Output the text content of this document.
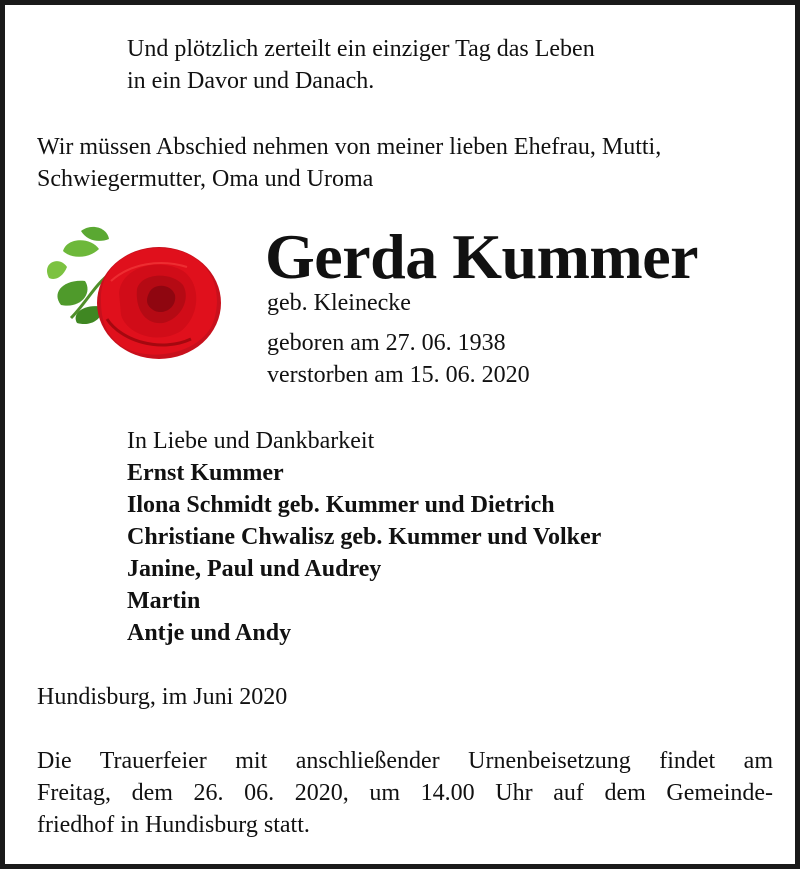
Und plötzlich zerteilt ein einziger Tag das Leben
in ein Davor und Danach.
Wir müssen Abschied nehmen von meiner lieben Ehefrau, Mutti,
Schwiegermutter, Oma und Uroma
Gerda Kummer
geb. Kleinecke
geboren am 27. 06. 1938
verstorben am 15. 06. 2020
In Liebe und Dankbarkeit
Ernst Kummer
Ilona Schmidt geb. Kummer und Dietrich
Christiane Chwalisz geb. Kummer und Volker
Janine, Paul und Audrey
Martin
Antje und Andy
Hundisburg, im Juni 2020
Die Trauerfeier mit anschließender Urnenbeisetzung findet am
Freitag, dem 26. 06. 2020, um 14.00 Uhr auf dem Gemeinde-
friedhof in Hundisburg statt.
